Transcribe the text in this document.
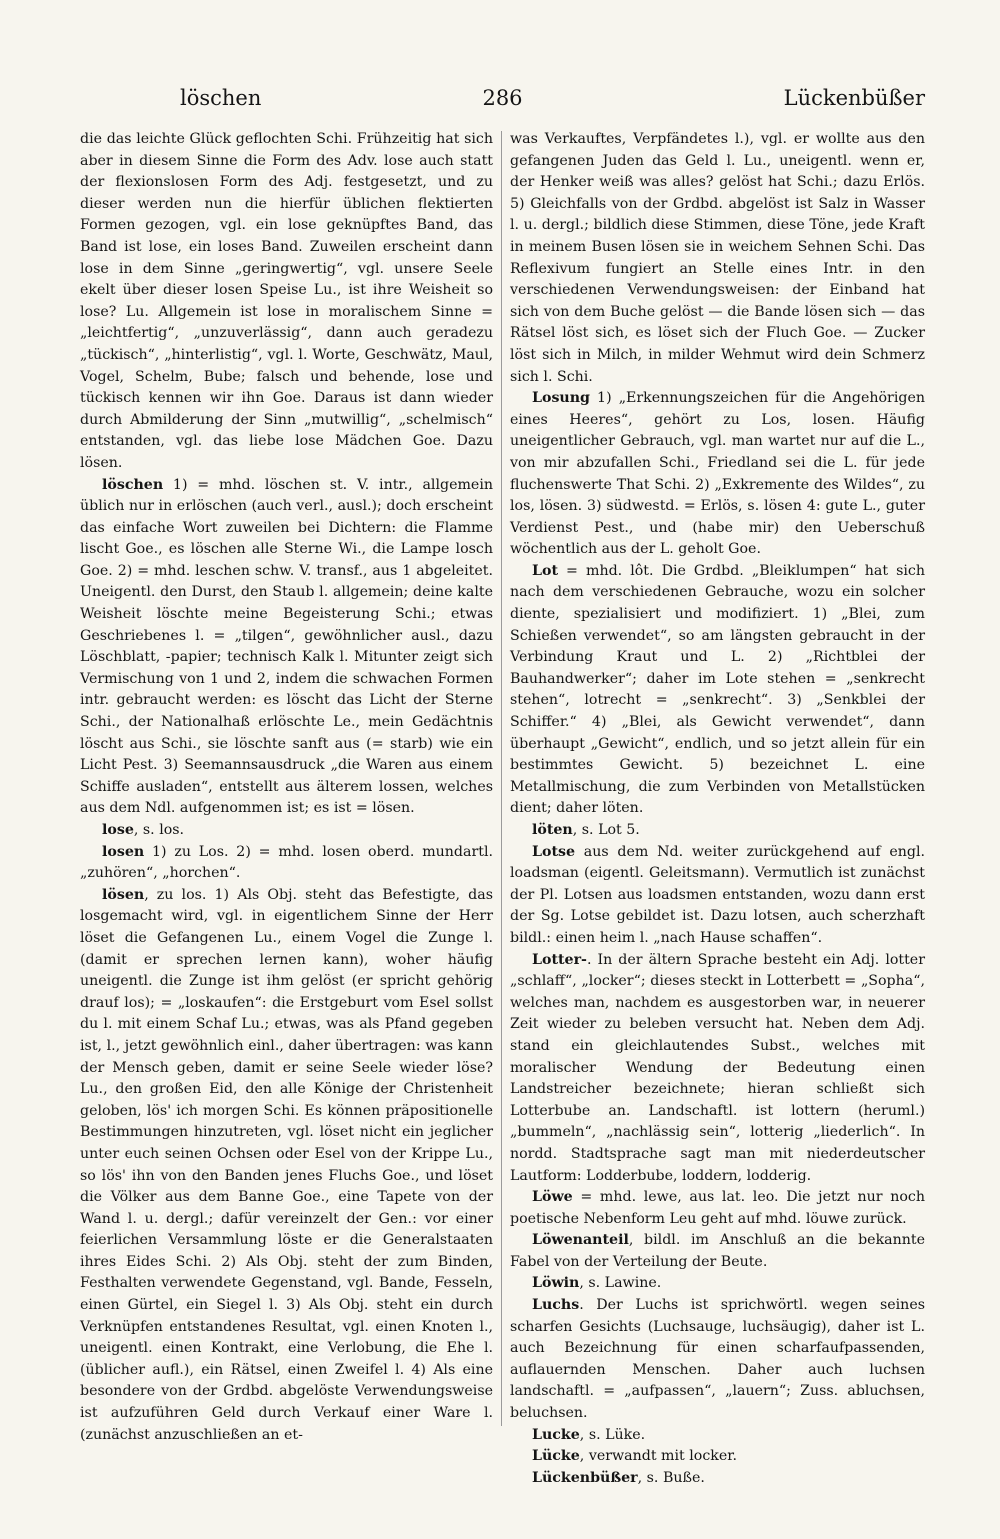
löschen	286	Lückenbüßer

die das leichte Glück geflochten Schi. Frühzeitig hat sich aber in diesem Sinne die Form des Adv. lose auch statt der flexionslosen Form des Adj. festgesetzt, und zu dieser werden nun die hierfür üblichen flektierten Formen gezogen, vgl. ein lose geknüpftes Band, das Band ist lose, ein loses Band. Zuweilen erscheint dann lose in dem Sinne „geringwertig“, vgl. unsere Seele ekelt über dieser losen Speise Lu., ist ihre Weisheit so lose? Lu. Allgemein ist lose in moralischem Sinne = „leichtfertig“, „unzuverlässig“, dann auch geradezu „tückisch“, „hinterlistig“, vgl. l. Worte, Geschwätz, Maul, Vogel, Schelm, Bube; falsch und behende, lose und tückisch kennen wir ihn Goe. Daraus ist dann wieder durch Abmilderung der Sinn „mutwillig“, „schelmisch“ entstanden, vgl. das liebe lose Mädchen Goe. Dazu lösen.

löschen 1) = mhd. löschen st. V. intr., allgemein üblich nur in erlöschen (auch verl., ausl.); doch erscheint das einfache Wort zuweilen bei Dichtern: die Flamme lischt Goe., es löschen alle Sterne Wi., die Lampe losch Goe. 2) = mhd. leschen schw. V. transf., aus 1 abgeleitet. Uneigentl. den Durst, den Staub l. allgemein; deine kalte Weisheit löschte meine Begeisterung Schi.; etwas Geschriebenes l. = „tilgen“, gewöhnlicher ausl., dazu Löschblatt, -papier; technisch Kalk l. Mitunter zeigt sich Vermischung von 1 und 2, indem die schwachen Formen intr. gebraucht werden: es löscht das Licht der Sterne Schi., der Nationalhaß erlöschte Le., mein Gedächtnis löscht aus Schi., sie löschte sanft aus (= starb) wie ein Licht Pest. 3) Seemannsausdruck „die Waren aus einem Schiffe ausladen“, entstellt aus älterem lossen, welches aus dem Ndl. aufgenommen ist; es ist = lösen.

lose, s. los.

losen 1) zu Los. 2) = mhd. losen oberd. mundartl. „zuhören“, „horchen“.

lösen, zu los. 1) Als Obj. steht das Befestigte, das losgemacht wird, vgl. in eigentlichem Sinne der Herr löset die Gefangenen Lu., einem Vogel die Zunge l. (damit er sprechen lernen kann), woher häufig uneigentl. die Zunge ist ihm gelöst (er spricht gehörig drauf los); = „loskaufen“: die Erstgeburt vom Esel sollst du l. mit einem Schaf Lu.; etwas, was als Pfand gegeben ist, l., jetzt gewöhnlich einl., daher übertragen: was kann der Mensch geben, damit er seine Seele wieder löse? Lu., den großen Eid, den alle Könige der Christenheit geloben, lös' ich morgen Schi. Es können präpositionelle Bestimmungen hinzutreten, vgl. löset nicht ein jeglicher unter euch seinen Ochsen oder Esel von der Krippe Lu., so lös' ihn von den Banden jenes Fluchs Goe., und löset die Völker aus dem Banne Goe., eine Tapete von der Wand l. u. dergl.; dafür vereinzelt der Gen.: vor einer feierlichen Versammlung löste er die Generalstaaten ihres Eides Schi. 2) Als Obj. steht der zum Binden, Festhalten verwendete Gegenstand, vgl. Bande, Fesseln, einen Gürtel, ein Siegel l. 3) Als Obj. steht ein durch Verknüpfen entstandenes Resultat, vgl. einen Knoten l., uneigentl. einen Kontrakt, eine Verlobung, die Ehe l. (üblicher aufl.), ein Rätsel, einen Zweifel l. 4) Als eine besondere von der Grdbd. abgelöste Verwendungsweise ist aufzuführen Geld durch Verkauf einer Ware l. (zunächst anzuschließen an et-

was Verkauftes, Verpfändetes l.), vgl. er wollte aus den gefangenen Juden das Geld l. Lu., uneigentl. wenn er, der Henker weiß was alles? gelöst hat Schi.; dazu Erlös. 5) Gleichfalls von der Grdbd. abgelöst ist Salz in Wasser l. u. dergl.; bildlich diese Stimmen, diese Töne, jede Kraft in meinem Busen lösen sie in weichem Sehnen Schi. Das Reflexivum fungiert an Stelle eines Intr. in den verschiedenen Verwendungsweisen: der Einband hat sich von dem Buche gelöst — die Bande lösen sich — das Rätsel löst sich, es löset sich der Fluch Goe. — Zucker löst sich in Milch, in milder Wehmut wird dein Schmerz sich l. Schi.

Losung 1) „Erkennungszeichen für die Angehörigen eines Heeres“, gehört zu Los, losen. Häufig uneigentlicher Gebrauch, vgl. man wartet nur auf die L., von mir abzufallen Schi., Friedland sei die L. für jede fluchenswerte That Schi. 2) „Exkremente des Wildes“, zu los, lösen. 3) südwestd. = Erlös, s. lösen 4: gute L., guter Verdienst Pest., und (habe mir) den Ueberschuß wöchentlich aus der L. geholt Goe.

Lot = mhd. lôt. Die Grdbd. „Bleiklumpen“ hat sich nach dem verschiedenen Gebrauche, wozu ein solcher diente, spezialisiert und modifiziert. 1) „Blei, zum Schießen verwendet“, so am längsten gebraucht in der Verbindung Kraut und L. 2) „Richtblei der Bauhandwerker“; daher im Lote stehen = „senkrecht stehen“, lotrecht = „senkrecht“. 3) „Senkblei der Schiffer.“ 4) „Blei, als Gewicht verwendet“, dann überhaupt „Gewicht“, endlich, und so jetzt allein für ein bestimmtes Gewicht. 5) bezeichnet L. eine Metallmischung, die zum Verbinden von Metallstücken dient; daher löten.

löten, s. Lot 5.

Lotse aus dem Nd. weiter zurückgehend auf engl. loadsman (eigentl. Geleitsmann). Vermutlich ist zunächst der Pl. Lotsen aus loadsmen entstanden, wozu dann erst der Sg. Lotse gebildet ist. Dazu lotsen, auch scherzhaft bildl.: einen heim l. „nach Hause schaffen“.

Lotter-. In der ältern Sprache besteht ein Adj. lotter „schlaff“, „locker“; dieses steckt in Lotterbett = „Sopha“, welches man, nachdem es ausgestorben war, in neuerer Zeit wieder zu beleben versucht hat. Neben dem Adj. stand ein gleichlautendes Subst., welches mit moralischer Wendung der Bedeutung einen Landstreicher bezeichnete; hieran schließt sich Lotterbube an. Landschaftl. ist lottern (heruml.) „bummeln“, „nachlässig sein“, lotterig „liederlich“. In nordd. Stadtsprache sagt man mit niederdeutscher Lautform: Lodderbube, loddern, lodderig.

Löwe = mhd. lewe, aus lat. leo. Die jetzt nur noch poetische Nebenform Leu geht auf mhd. löuwe zurück.

Löwenanteil, bildl. im Anschluß an die bekannte Fabel von der Verteilung der Beute.

Löwin, s. Lawine.

Luchs. Der Luchs ist sprichwörtl. wegen seines scharfen Gesichts (Luchsauge, luchsäugig), daher ist L. auch Bezeichnung für einen scharfaufpassenden, auflauernden Menschen. Daher auch luchsen landschaftl. = „aufpassen“, „lauern“; Zuss. abluchsen, beluchsen.

Lucke, s. Lüke.

Lücke, verwandt mit locker.

Lückenbüßer, s. Buße.
